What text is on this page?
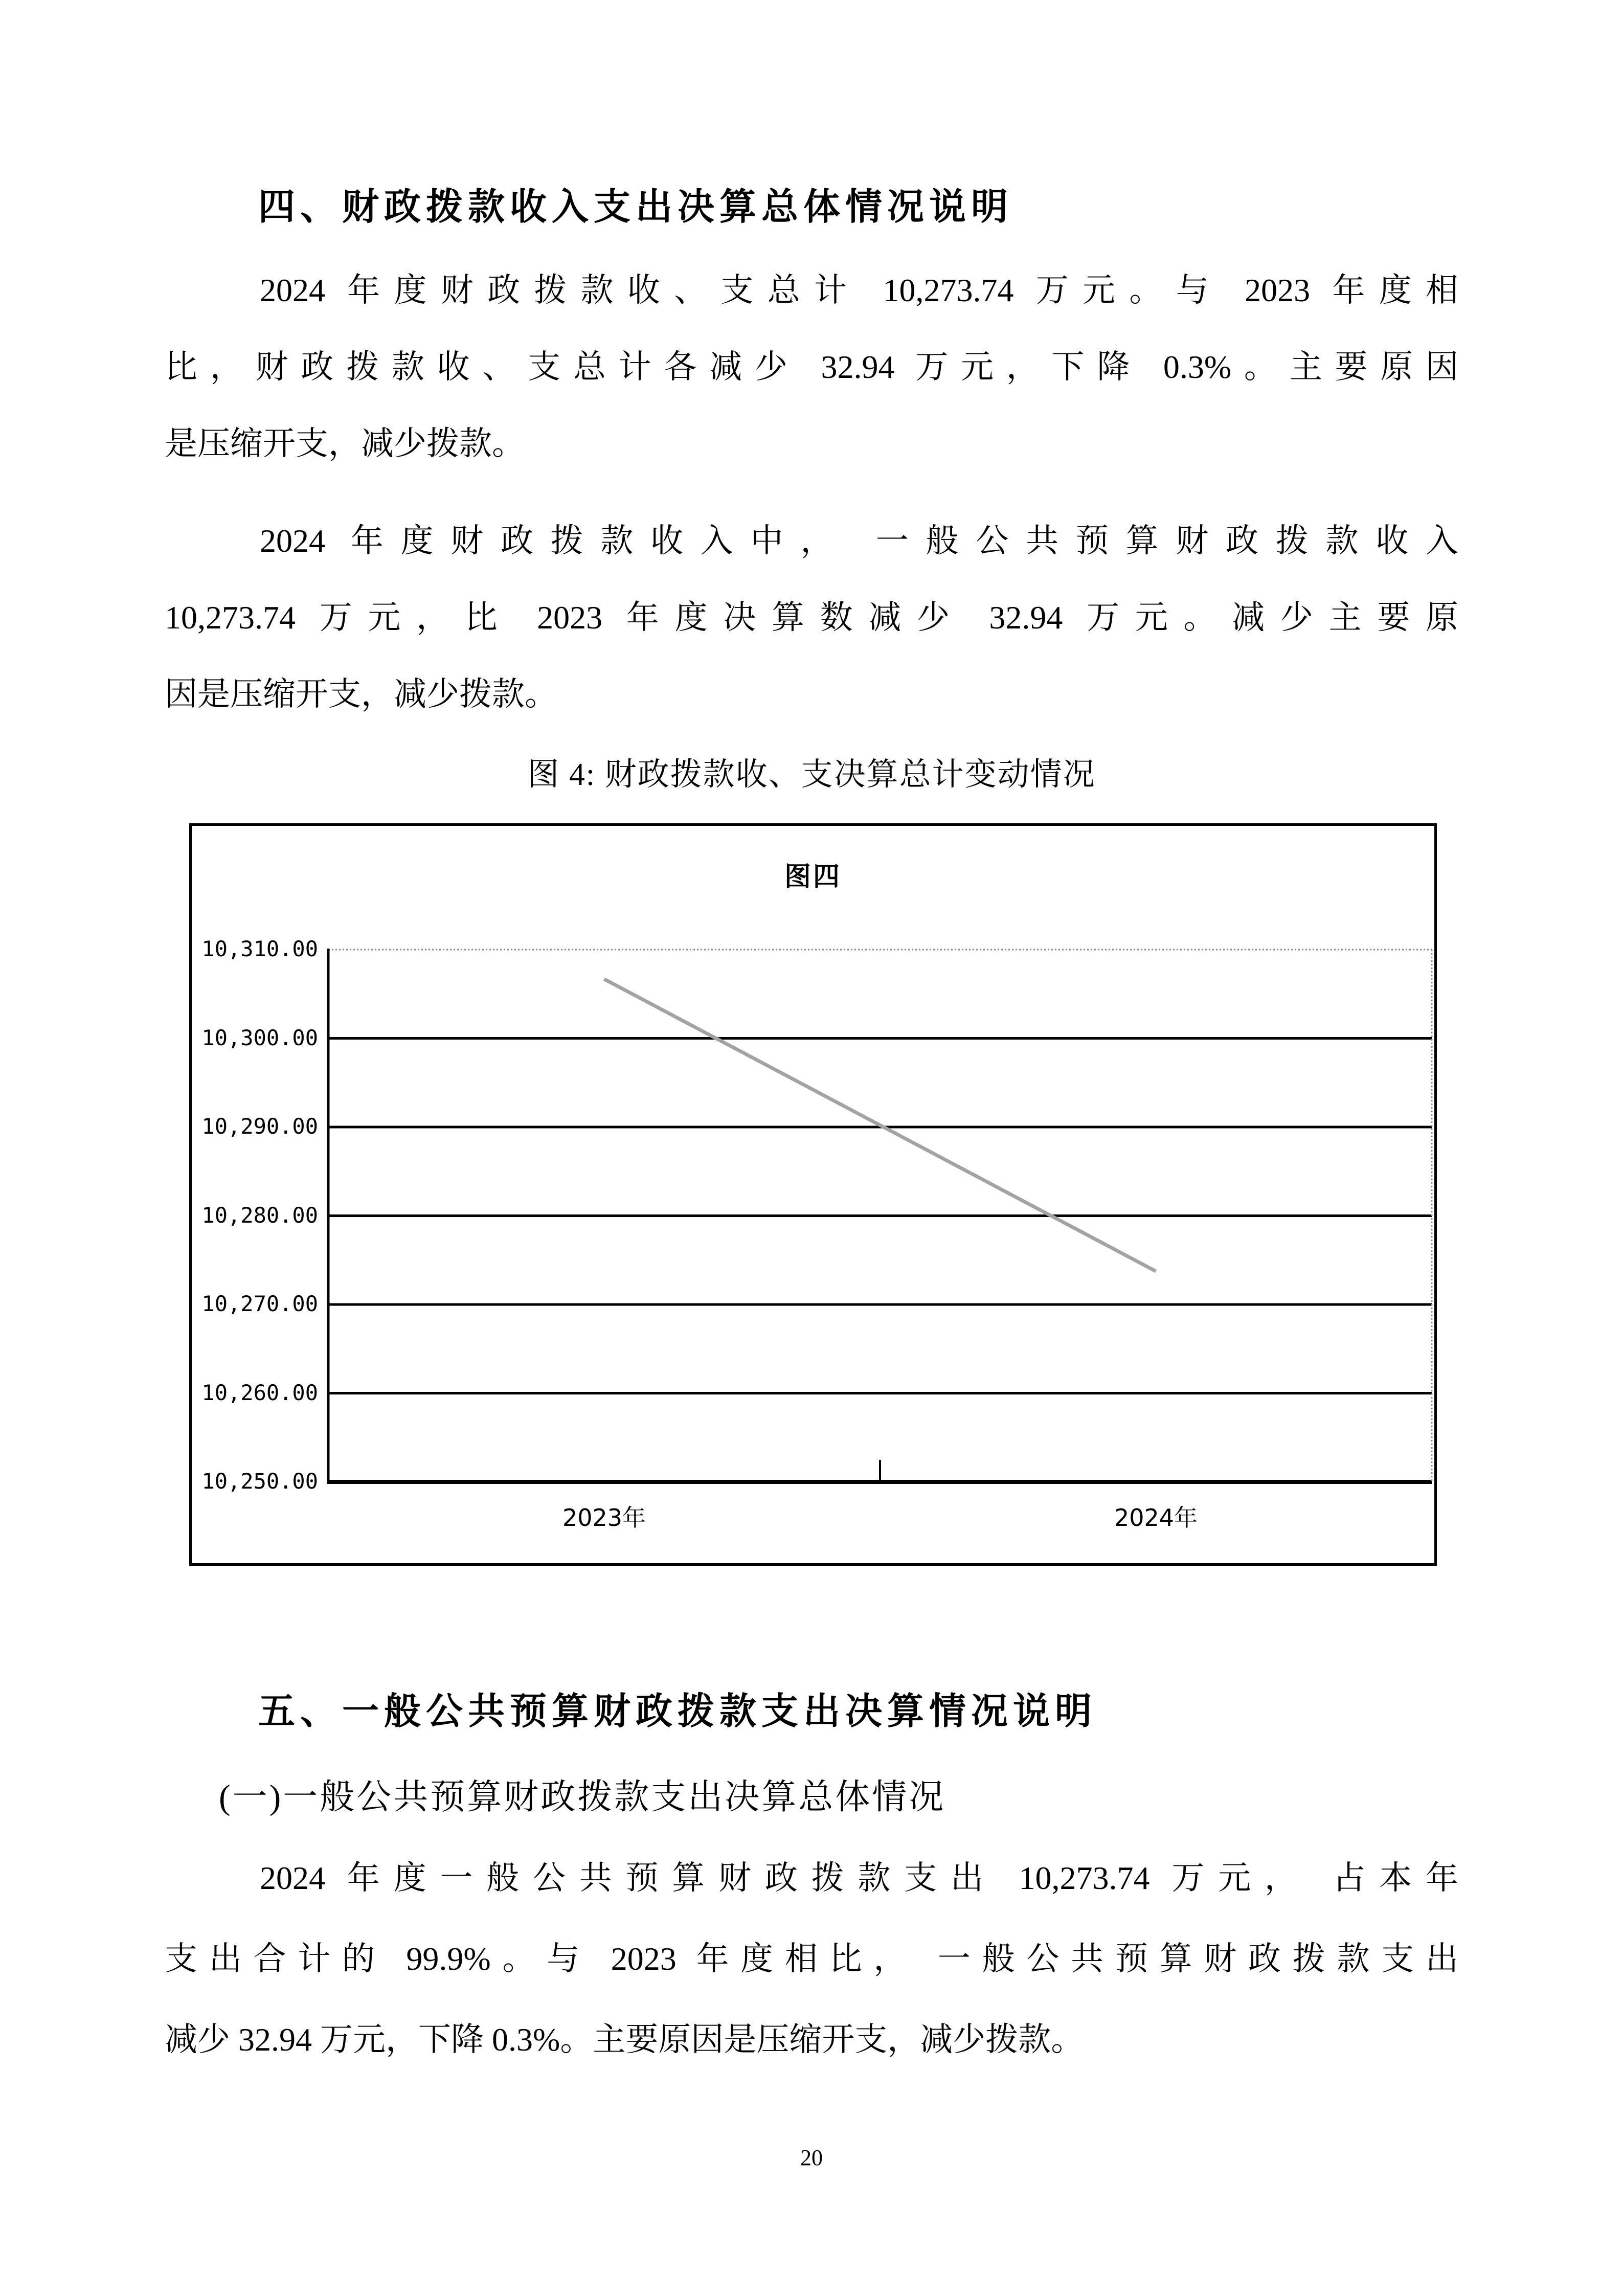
四、财政拨款收入支出决算总体情况说明
2024 年度财政拨款收、支总计 10,273.74 万元。与 2023 年度相
比，财政拨款收、支总计各减少 32.94 万元，下降 0.3%。主要原因
是压缩开支，减少拨款。
2024 年度财政拨款收入中， 一般公共预算财政拨款收入
10,273.74 万元，比 2023 年度决算数减少 32.94 万元。减少主要原
因是压缩开支，减少拨款。
图 4: 财政拨款收、支决算总计变动情况
图四
10,250.00
10,260.00
10,270.00
10,280.00
10,290.00
10,300.00
10,310.00
2023年	2024年
五、一般公共预算财政拨款支出决算情况说明
(一)一般公共预算财政拨款支出决算总体情况
2024 年度一般公共预算财政拨款支出 10,273.74 万元， 占本年
支出合计的 99.9%。与 2023 年度相比， 一般公共预算财政拨款支出
减少 32.94 万元，下降 0.3%。主要原因是压缩开支，减少拨款。
20
